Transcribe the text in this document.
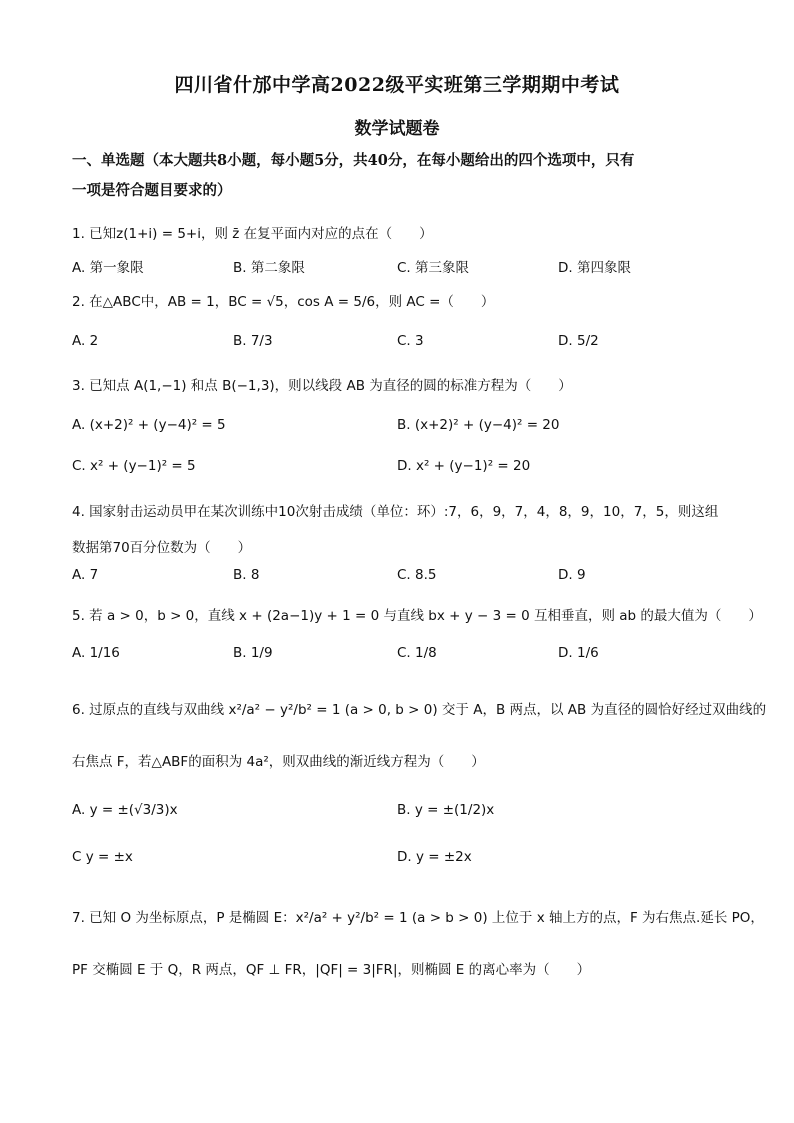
四川省什邡中学高2022级平实班第三学期期中考试
数学试题卷
一、单选题（本大题共8小题，每小题5分，共40分，在每小题给出的四个选项中，只有
一项是符合题目要求的）
1. 已知z(1+i) = 5+i，则 z̄ 在复平面内对应的点在（　　）
A. 第一象限	B. 第二象限	C. 第三象限	D. 第四象限
2. 在△ABC中，AB = 1，BC = √5，cos A = 5/6，则 AC =（　　）
A. 2	B. 7/3	C. 3	D. 5/2
3. 已知点 A(1,−1) 和点 B(−1,3)，则以线段 AB 为直径的圆的标准方程为（　　）
A. (x+2)² + (y−4)² = 5	B. (x+2)² + (y−4)² = 20
C. x² + (y−1)² = 5	D. x² + (y−1)² = 20
4. 国家射击运动员甲在某次训练中10次射击成绩（单位：环）:7，6，9，7，4，8，9，10，7，5，则这组
数据第70百分位数为（　　）
A. 7	B. 8	C. 8.5	D. 9
5. 若 a > 0，b > 0，直线 x + (2a−1)y + 1 = 0 与直线 bx + y − 3 = 0 互相垂直，则 ab 的最大值为（　　）
A. 1/16	B. 1/9	C. 1/8	D. 1/6
6. 过原点的直线与双曲线 x²/a² − y²/b² = 1 (a > 0, b > 0) 交于 A，B 两点，以 AB 为直径的圆恰好经过双曲线的
右焦点 F，若△ABF的面积为 4a²，则双曲线的渐近线方程为（　　）
A. y = ±(√3/3)x	B. y = ±(1/2)x
C y = ±x	D. y = ±2x
7. 已知 O 为坐标原点，P 是椭圆 E：x²/a² + y²/b² = 1 (a > b > 0) 上位于 x 轴上方的点，F 为右焦点.延长 PO，
PF 交椭圆 E 于 Q，R 两点，QF ⊥ FR，|QF| = 3|FR|，则椭圆 E 的离心率为（　　）
